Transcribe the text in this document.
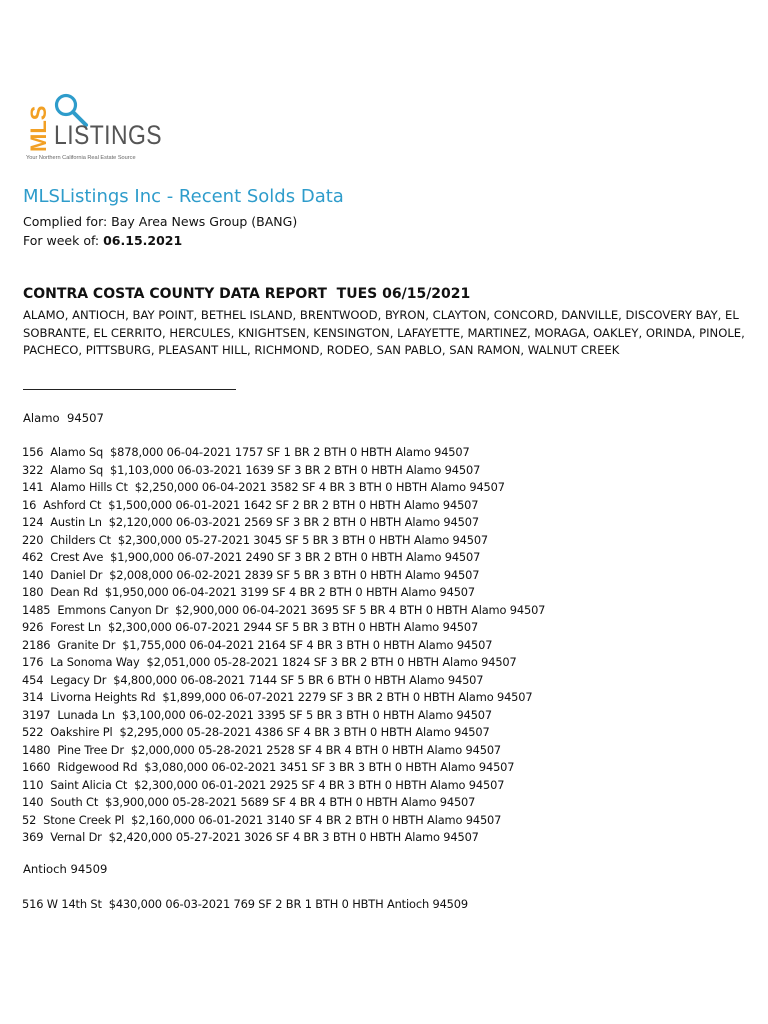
MLS LISTINGS
Your Northern California Real Estate Source
MLSListings Inc - Recent Solds Data
Complied for: Bay Area News Group (BANG)
For week of: 06.15.2021
CONTRA COSTA COUNTY DATA REPORT  TUES 06/15/2021
ALAMO, ANTIOCH, BAY POINT, BETHEL ISLAND, BRENTWOOD, BYRON, CLAYTON, CONCORD, DANVILLE, DISCOVERY BAY, EL SOBRANTE, EL CERRITO, HERCULES, KNIGHTSEN, KENSINGTON, LAFAYETTE, MARTINEZ, MORAGA, OAKLEY, ORINDA, PINOLE, PACHECO, PITTSBURG, PLEASANT HILL, RICHMOND, RODEO, SAN PABLO, SAN RAMON, WALNUT CREEK
Alamo  94507
156  Alamo Sq  $878,000 06-04-2021 1757 SF 1 BR 2 BTH 0 HBTH Alamo 94507
322  Alamo Sq  $1,103,000 06-03-2021 1639 SF 3 BR 2 BTH 0 HBTH Alamo 94507
141  Alamo Hills Ct  $2,250,000 06-04-2021 3582 SF 4 BR 3 BTH 0 HBTH Alamo 94507
16  Ashford Ct  $1,500,000 06-01-2021 1642 SF 2 BR 2 BTH 0 HBTH Alamo 94507
124  Austin Ln  $2,120,000 06-03-2021 2569 SF 3 BR 2 BTH 0 HBTH Alamo 94507
220  Childers Ct  $2,300,000 05-27-2021 3045 SF 5 BR 3 BTH 0 HBTH Alamo 94507
462  Crest Ave  $1,900,000 06-07-2021 2490 SF 3 BR 2 BTH 0 HBTH Alamo 94507
140  Daniel Dr  $2,008,000 06-02-2021 2839 SF 5 BR 3 BTH 0 HBTH Alamo 94507
180  Dean Rd  $1,950,000 06-04-2021 3199 SF 4 BR 2 BTH 0 HBTH Alamo 94507
1485  Emmons Canyon Dr  $2,900,000 06-04-2021 3695 SF 5 BR 4 BTH 0 HBTH Alamo 94507
926  Forest Ln  $2,300,000 06-07-2021 2944 SF 5 BR 3 BTH 0 HBTH Alamo 94507
2186  Granite Dr  $1,755,000 06-04-2021 2164 SF 4 BR 3 BTH 0 HBTH Alamo 94507
176  La Sonoma Way  $2,051,000 05-28-2021 1824 SF 3 BR 2 BTH 0 HBTH Alamo 94507
454  Legacy Dr  $4,800,000 06-08-2021 7144 SF 5 BR 6 BTH 0 HBTH Alamo 94507
314  Livorna Heights Rd  $1,899,000 06-07-2021 2279 SF 3 BR 2 BTH 0 HBTH Alamo 94507
3197  Lunada Ln  $3,100,000 06-02-2021 3395 SF 5 BR 3 BTH 0 HBTH Alamo 94507
522  Oakshire Pl  $2,295,000 05-28-2021 4386 SF 4 BR 3 BTH 0 HBTH Alamo 94507
1480  Pine Tree Dr  $2,000,000 05-28-2021 2528 SF 4 BR 4 BTH 0 HBTH Alamo 94507
1660  Ridgewood Rd  $3,080,000 06-02-2021 3451 SF 3 BR 3 BTH 0 HBTH Alamo 94507
110  Saint Alicia Ct  $2,300,000 06-01-2021 2925 SF 4 BR 3 BTH 0 HBTH Alamo 94507
140  South Ct  $3,900,000 05-28-2021 5689 SF 4 BR 4 BTH 0 HBTH Alamo 94507
52  Stone Creek Pl  $2,160,000 06-01-2021 3140 SF 4 BR 2 BTH 0 HBTH Alamo 94507
369  Vernal Dr  $2,420,000 05-27-2021 3026 SF 4 BR 3 BTH 0 HBTH Alamo 94507
Antioch 94509
516 W 14th St  $430,000 06-03-2021 769 SF 2 BR 1 BTH 0 HBTH Antioch 94509
